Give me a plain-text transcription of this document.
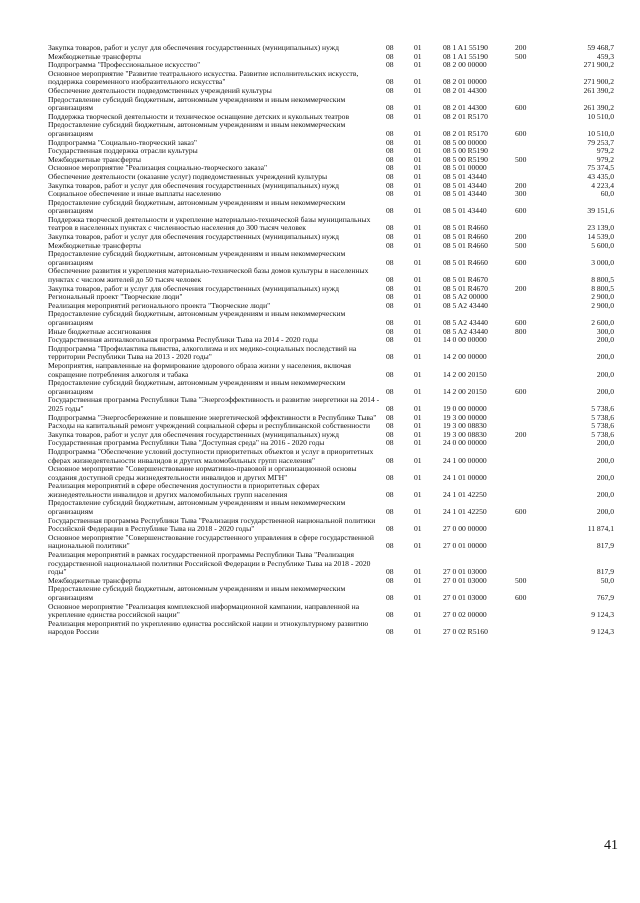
Закупка товаров, работ и услуг для обеспечения государственных (муниципальных) нужд	08	01	08 1 A1 55190	200	59 468,7
Межбюджетные трансферты	08	01	08 1 A1 55190	500	459,3
Подпрограмма "Профессиональное искусство"	08	01	08 2 00 00000	271 900,2
Основное мероприятие "Развитие театрального искусства. Развитие исполнительских искусств, поддержка современного изобразительного искусства"	08	01	08 2 01 00000	271 900,2
Обеспечение деятельности подведомственных учреждений культуры	08	01	08 2 01 44300	261 390,2
Предоставление субсидий бюджетным, автономным учреждениям и иным некоммерческим организациям	08	01	08 2 01 44300	600	261 390,2
Поддержка творческой деятельности и техническое оснащение детских и кукольных театров	08	01	08 2 01 R5170	10 510,0
Предоставление субсидий бюджетным, автономным учреждениям и иным некоммерческим организациям	08	01	08 2 01 R5170	600	10 510,0
Подпрограмма "Социально-творческий заказ"	08	01	08 5 00 00000	79 253,7
Государственная поддержка отрасли культуры	08	01	08 5 00 R5190	979,2
Межбюджетные трансферты	08	01	08 5 00 R5190	500	979,2
Основное мероприятие "Реализация социально-творческого заказа"	08	01	08 5 01 00000	75 374,5
Обеспечение деятельности (оказание услуг) подведомственных учреждений культуры	08	01	08 5 01 43440	43 435,0
Закупка товаров, работ и услуг для обеспечения государственных (муниципальных) нужд	08	01	08 5 01 43440	200	4 223,4
Социальное обеспечение и иные выплаты населению	08	01	08 5 01 43440	300	60,0
Предоставление субсидий бюджетным, автономным учреждениям и иным некоммерческим организациям	08	01	08 5 01 43440	600	39 151,6
Поддержка творческой деятельности и укрепление материально-технической базы муниципальных театров в населенных пунктах с численностью населения до 300 тысяч человек	08	01	08 5 01 R4660	23 139,0
Закупка товаров, работ и услуг для обеспечения государственных (муниципальных) нужд	08	01	08 5 01 R4660	200	14 539,0
Межбюджетные трансферты	08	01	08 5 01 R4660	500	5 600,0
Предоставление субсидий бюджетным, автономным учреждениям и иным некоммерческим организациям	08	01	08 5 01 R4660	600	3 000,0
Обеспечение развития и укрепления материально-технической базы домов культуры в населенных пунктах с числом жителей до 50 тысяч человек	08	01	08 5 01 R4670	8 800,5
Закупка товаров, работ и услуг для обеспечения государственных (муниципальных) нужд	08	01	08 5 01 R4670	200	8 800,5
Региональный проект "Творческие люди"	08	01	08 5 A2 00000	2 900,0
Реализация мероприятий регионального проекта "Творческие люди"	08	01	08 5 A2 43440	2 900,0
Предоставление субсидий бюджетным, автономным учреждениям и иным некоммерческим организациям	08	01	08 5 A2 43440	600	2 600,0
Иные бюджетные ассигнования	08	01	08 5 A2 43440	800	300,0
Государственная антиалкогольная программа Республики Тыва на 2014 - 2020 годы	08	01	14 0 00 00000	200,0
Подпрограмма "Профилактика пьянства, алкоголизма и их медико-социальных последствий на территории Республики Тыва на 2013 - 2020 годы"	08	01	14 2 00 00000	200,0
Мероприятия, направленные на формирование здорового образа жизни у населения, включая сокращение потребления алкоголя и табака	08	01	14 2 00 20150	200,0
Предоставление субсидий бюджетным, автономным учреждениям и иным некоммерческим организациям	08	01	14 2 00 20150	600	200,0
Государственная программа Республики Тыва "Энергоэффективность и развитие энергетики на 2014 - 2025 годы"	08	01	19 0 00 00000	5 738,6
Подпрограмма "Энергосбережение и повышение энергетической эффективности в Республике Тыва"	08	01	19 3 00 00000	5 738,6
Расходы на капитальный ремонт учреждений социальной сферы и республиканской собственности	08	01	19 3 00 08830	5 738,6
Закупка товаров, работ и услуг для обеспечения государственных (муниципальных) нужд	08	01	19 3 00 08830	200	5 738,6
Государственная программа Республики Тыва "Доступная среда" на 2016 - 2020 годы	08	01	24 0 00 00000	200,0
Подпрограмма "Обеспечение условий доступности приоритетных объектов и услуг в приоритетных сферах жизнедеятельности инвалидов и других маломобильных групп населения"	08	01	24 1 00 00000	200,0
Основное мероприятие "Совершенствование нормативно-правовой и организационной основы создания доступной среды жизнедеятельности инвалидов и других МГН"	08	01	24 1 01 00000	200,0
Реализация мероприятий в сфере обеспечения доступности в приоритетных сферах жизнедеятельности инвалидов и других маломобильных групп населения	08	01	24 1 01 42250	200,0
Предоставление субсидий бюджетным, автономным учреждениям и иным некоммерческим организациям	08	01	24 1 01 42250	600	200,0
Государственная программа Республики Тыва "Реализация государственной национальной политики Российской Федерации в Республике Тыва на 2018 - 2020 годы"	08	01	27 0 00 00000	11 874,1
Основное мероприятие "Совершенствование государственного управления в сфере государственной национальной политики"	08	01	27 0 01 00000	817,9
Реализация мероприятий в рамках государственной программы Республики Тыва "Реализация государственной национальной политики Российской Федерации в Республике Тыва на 2018 - 2020 годы"	08	01	27 0 01 03000	817,9
Межбюджетные трансферты	08	01	27 0 01 03000	500	50,0
Предоставление субсидий бюджетным, автономным учреждениям и иным некоммерческим организациям	08	01	27 0 01 03000	600	767,9
Основное мероприятие "Реализация комплексной информационной кампании, направленной на укрепление единства российской нации"	08	01	27 0 02 00000	9 124,3
Реализация мероприятий по укреплению единства российской нации и этнокультурному развитию народов России	08	01	27 0 02 R5160	9 124,3
41
